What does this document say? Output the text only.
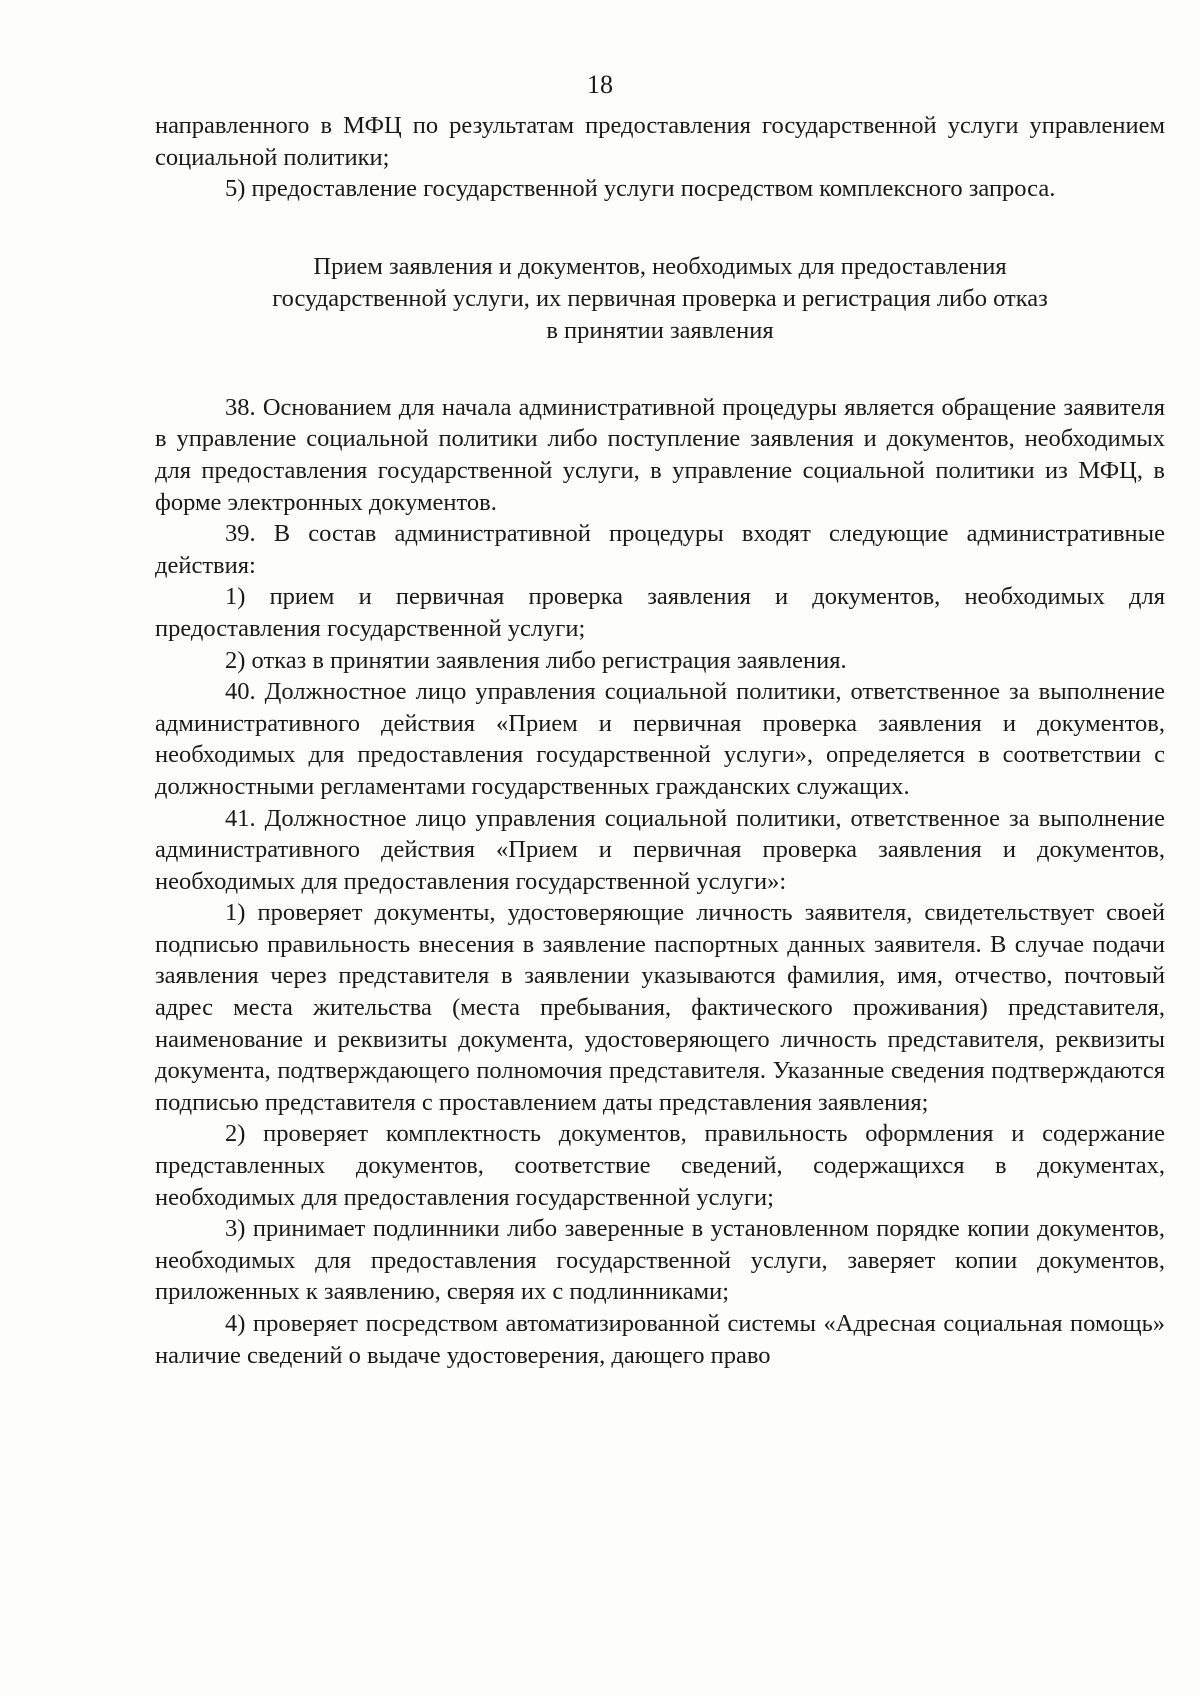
18

направленного в МФЦ по результатам предоставления государственной услуги управлением социальной политики;

5) предоставление государственной услуги посредством комплексного запроса.

Прием заявления и документов, необходимых для предоставления
государственной услуги, их первичная проверка и регистрация либо отказ
в принятии заявления

38. Основанием для начала административной процедуры является обращение заявителя в управление социальной политики либо поступление заявления и документов, необходимых для предоставления государственной услуги, в управление социальной политики из МФЦ, в форме электронных документов.

39. В состав административной процедуры входят следующие административные действия:

1) прием и первичная проверка заявления и документов, необходимых для предоставления государственной услуги;

2) отказ в принятии заявления либо регистрация заявления.

40. Должностное лицо управления социальной политики, ответственное за выполнение административного действия «Прием и первичная проверка заявления и документов, необходимых для предоставления государственной услуги», определяется в соответствии с должностными регламентами государственных гражданских служащих.

41. Должностное лицо управления социальной политики, ответственное за выполнение административного действия «Прием и первичная проверка заявления и документов, необходимых для предоставления государственной услуги»:

1) проверяет документы, удостоверяющие личность заявителя, свидетельствует своей подписью правильность внесения в заявление паспортных данных заявителя. В случае подачи заявления через представителя в заявлении указываются фамилия, имя, отчество, почтовый адрес места жительства (места пребывания, фактического проживания) представителя, наименование и реквизиты документа, удостоверяющего личность представителя, реквизиты документа, подтверждающего полномочия представителя. Указанные сведения подтверждаются подписью представителя с проставлением даты представления заявления;

2) проверяет комплектность документов, правильность оформления и содержание представленных документов, соответствие сведений, содержащихся в документах, необходимых для предоставления государственной услуги;

3) принимает подлинники либо заверенные в установленном порядке копии документов, необходимых для предоставления государственной услуги, заверяет копии документов, приложенных к заявлению, сверяя их с подлинниками;

4) проверяет посредством автоматизированной системы «Адресная социальная помощь» наличие сведений о выдаче удостоверения, дающего право
